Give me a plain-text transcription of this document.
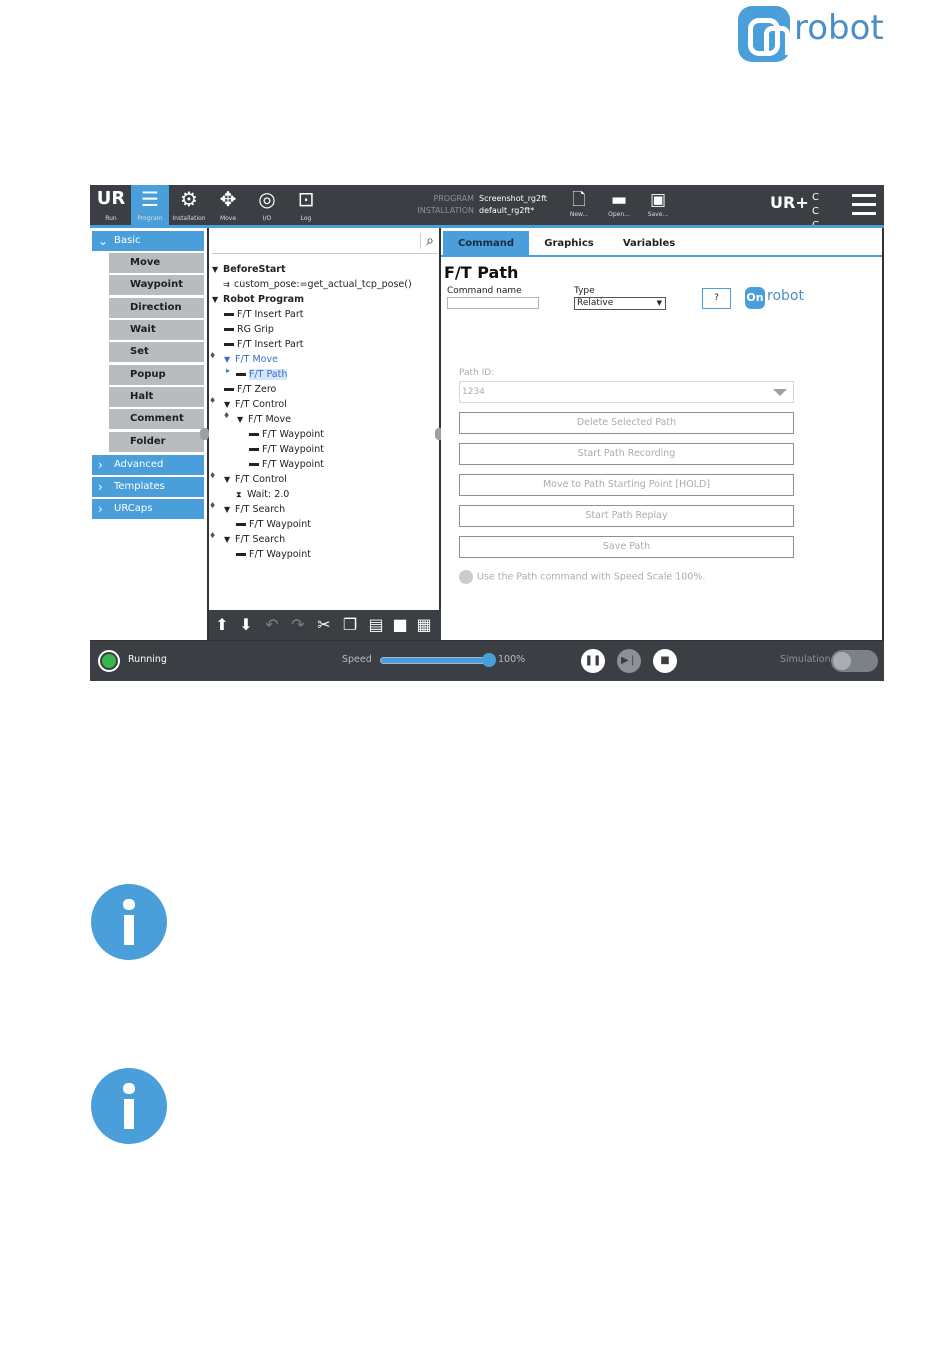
robot
UR
Run
☰
Program
⚙
Installation
✥
Move
◎
I/O
⊡
Log
PROGRAM
INSTALLATION
Screenshot_rg2ft
default_rg2ft*
🗋
New...
▬
Open...
▣
Save...
UR+ C C
⌄ Basic
Move
Waypoint
Direction
Wait
Set
Popup
Halt
Comment
Folder
› Advanced
› Templates
› URCaps
⌕
▼ BeforeStart
⇉ custom_pose:=get_actual_tcp_pose()
▼ Robot Program
F/T Insert Part
RG Grip
F/T Insert Part
♦ ▼ F/T Move
▸	F/T Path
F/T Zero
♦ ▼ F/T Control
♦ ▼ F/T Move
F/T Waypoint
F/T Waypoint
F/T Waypoint
♦ ▼ F/T Control
⧗ Wait: 2.0
♦ ▼ F/T Search
F/T Waypoint
♦ ▼ F/T Search
F/T Waypoint
⬆ ⬇ ↶ ↷ ✂ ❐ ▤ ■ ▦
Command	Graphics	Variables
F/T Path
Command name	Type
Relative	▼	?	On robot
Path ID:
1234
Delete Selected Path
Start Path Recording
Move to Path Starting Point [HOLD]
Start Path Replay
Save Path
Use the Path command with Speed Scale 100%.
Running	Speed	100%	❚❚	▶❘	■	Simulation
